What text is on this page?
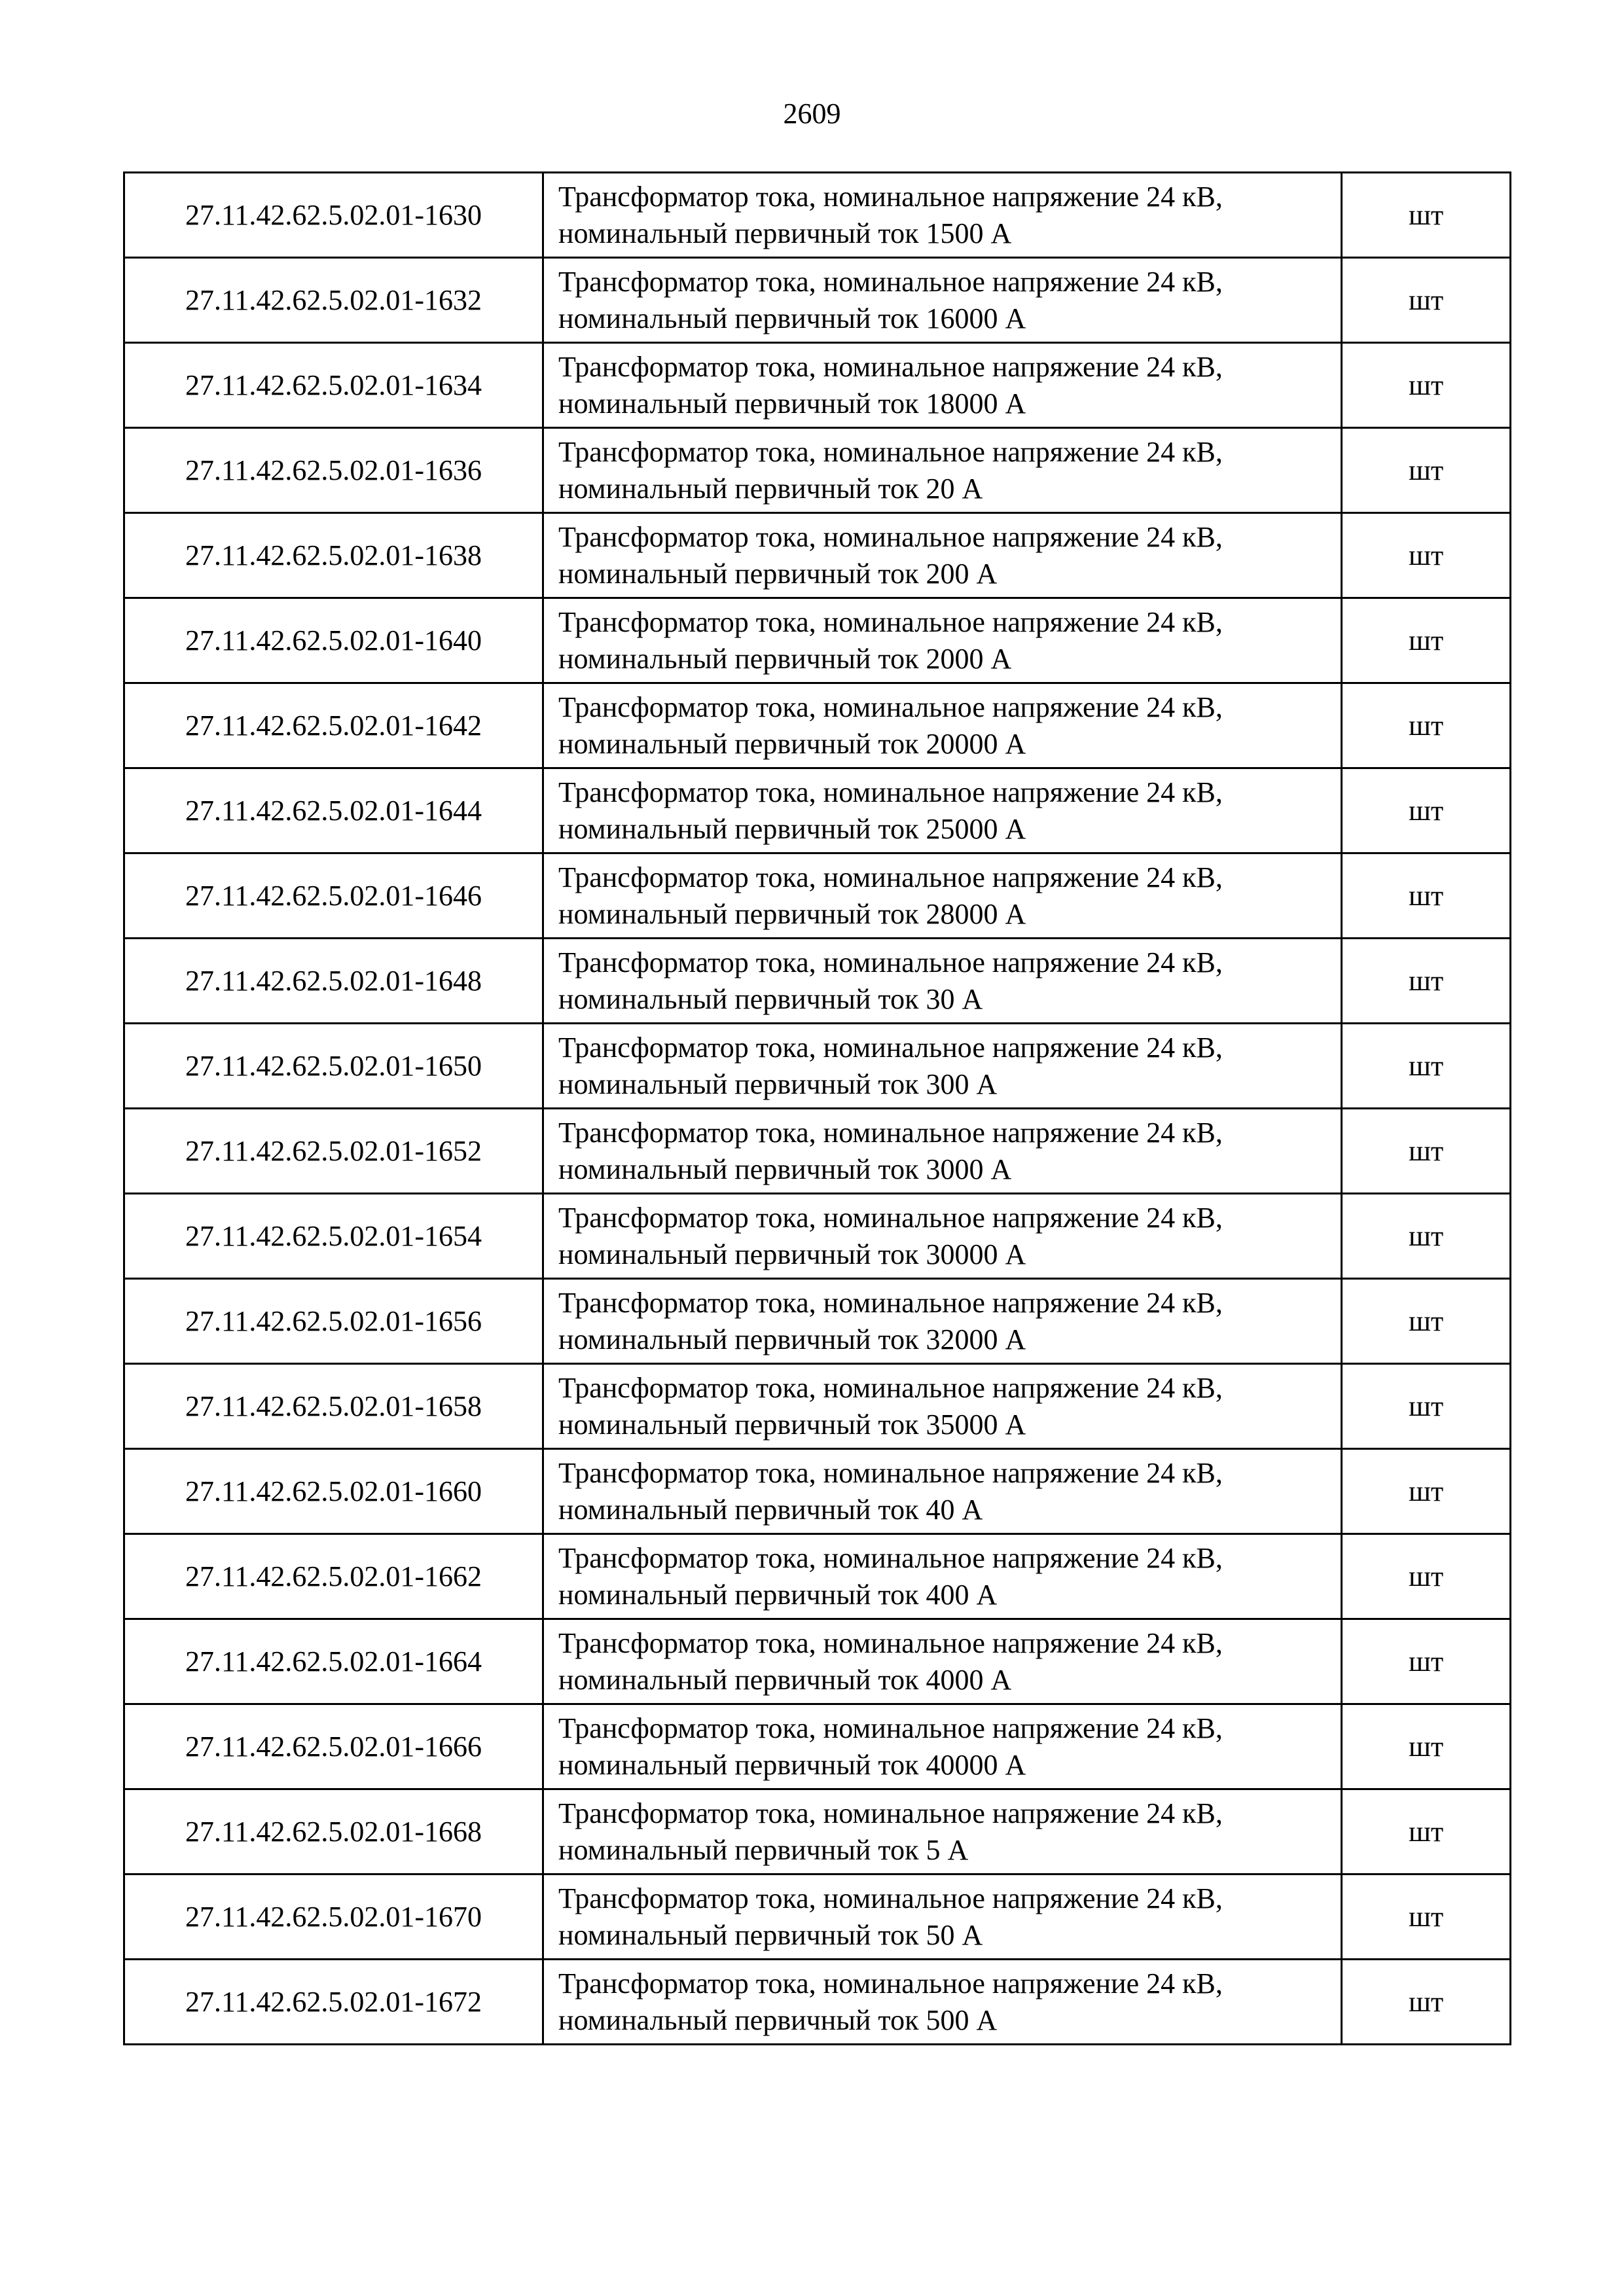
2609
27.11.42.62.5.02.01-1630	Трансформатор тока, номинальное напряжение 24 кВ, номинальный первичный ток 1500 А	шт
27.11.42.62.5.02.01-1632	Трансформатор тока, номинальное напряжение 24 кВ, номинальный первичный ток 16000 А	шт
27.11.42.62.5.02.01-1634	Трансформатор тока, номинальное напряжение 24 кВ, номинальный первичный ток 18000 А	шт
27.11.42.62.5.02.01-1636	Трансформатор тока, номинальное напряжение 24 кВ, номинальный первичный ток 20 А	шт
27.11.42.62.5.02.01-1638	Трансформатор тока, номинальное напряжение 24 кВ, номинальный первичный ток 200 А	шт
27.11.42.62.5.02.01-1640	Трансформатор тока, номинальное напряжение 24 кВ, номинальный первичный ток 2000 А	шт
27.11.42.62.5.02.01-1642	Трансформатор тока, номинальное напряжение 24 кВ, номинальный первичный ток 20000 А	шт
27.11.42.62.5.02.01-1644	Трансформатор тока, номинальное напряжение 24 кВ, номинальный первичный ток 25000 А	шт
27.11.42.62.5.02.01-1646	Трансформатор тока, номинальное напряжение 24 кВ, номинальный первичный ток 28000 А	шт
27.11.42.62.5.02.01-1648	Трансформатор тока, номинальное напряжение 24 кВ, номинальный первичный ток 30 А	шт
27.11.42.62.5.02.01-1650	Трансформатор тока, номинальное напряжение 24 кВ, номинальный первичный ток 300 А	шт
27.11.42.62.5.02.01-1652	Трансформатор тока, номинальное напряжение 24 кВ, номинальный первичный ток 3000 А	шт
27.11.42.62.5.02.01-1654	Трансформатор тока, номинальное напряжение 24 кВ, номинальный первичный ток 30000 А	шт
27.11.42.62.5.02.01-1656	Трансформатор тока, номинальное напряжение 24 кВ, номинальный первичный ток 32000 А	шт
27.11.42.62.5.02.01-1658	Трансформатор тока, номинальное напряжение 24 кВ, номинальный первичный ток 35000 А	шт
27.11.42.62.5.02.01-1660	Трансформатор тока, номинальное напряжение 24 кВ, номинальный первичный ток 40 А	шт
27.11.42.62.5.02.01-1662	Трансформатор тока, номинальное напряжение 24 кВ, номинальный первичный ток 400 А	шт
27.11.42.62.5.02.01-1664	Трансформатор тока, номинальное напряжение 24 кВ, номинальный первичный ток 4000 А	шт
27.11.42.62.5.02.01-1666	Трансформатор тока, номинальное напряжение 24 кВ, номинальный первичный ток 40000 А	шт
27.11.42.62.5.02.01-1668	Трансформатор тока, номинальное напряжение 24 кВ, номинальный первичный ток 5 А	шт
27.11.42.62.5.02.01-1670	Трансформатор тока, номинальное напряжение 24 кВ, номинальный первичный ток 50 А	шт
27.11.42.62.5.02.01-1672	Трансформатор тока, номинальное напряжение 24 кВ, номинальный первичный ток 500 А	шт
